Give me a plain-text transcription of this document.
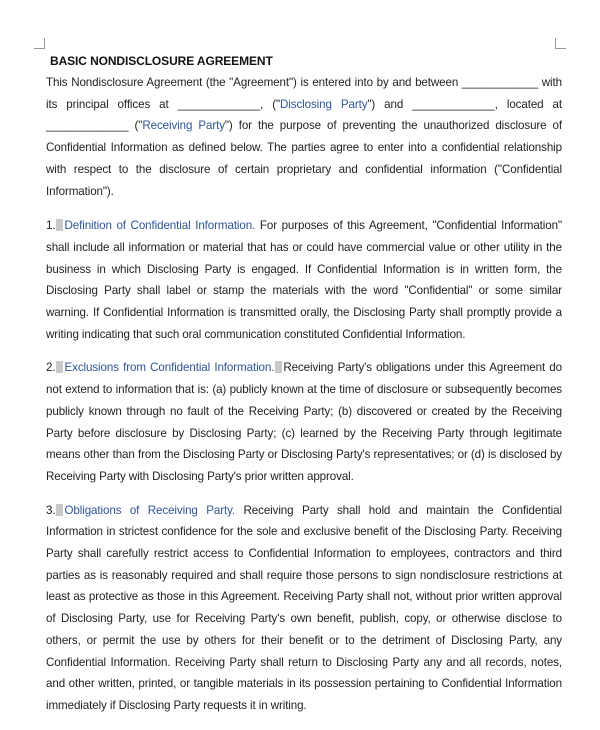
BASIC NONDISCLOSURE AGREEMENT

This Nondisclosure Agreement (the "Agreement") is entered into by and between ____________ with its principal offices at _____________, ("Disclosing Party") and _____________, located at _____________ ("Receiving Party") for the purpose of preventing the unauthorized disclosure of Confidential Information as defined below. The parties agree to enter into a confidential relationship with respect to the disclosure of certain proprietary and confidential information ("Confidential Information").

1. Definition of Confidential Information. For purposes of this Agreement, "Confidential Information" shall include all information or material that has or could have commercial value or other utility in the business in which Disclosing Party is engaged. If Confidential Information is in written form, the Disclosing Party shall label or stamp the materials with the word "Confidential" or some similar warning. If Confidential Information is transmitted orally, the Disclosing Party shall promptly provide a writing indicating that such oral communication constituted Confidential Information.

2. Exclusions from Confidential Information. Receiving Party's obligations under this Agreement do not extend to information that is: (a) publicly known at the time of disclosure or subsequently becomes publicly known through no fault of the Receiving Party; (b) discovered or created by the Receiving Party before disclosure by Disclosing Party; (c) learned by the Receiving Party through legitimate means other than from the Disclosing Party or Disclosing Party's representatives; or (d) is disclosed by Receiving Party with Disclosing Party's prior written approval.

3. Obligations of Receiving Party. Receiving Party shall hold and maintain the Confidential Information in strictest confidence for the sole and exclusive benefit of the Disclosing Party. Receiving Party shall carefully restrict access to Confidential Information to employees, contractors and third parties as is reasonably required and shall require those persons to sign nondisclosure restrictions at least as protective as those in this Agreement. Receiving Party shall not, without prior written approval of Disclosing Party, use for Receiving Party's own benefit, publish, copy, or otherwise disclose to others, or permit the use by others for their benefit or to the detriment of Disclosing Party, any Confidential Information. Receiving Party shall return to Disclosing Party any and all records, notes, and other written, printed, or tangible materials in its possession pertaining to Confidential Information immediately if Disclosing Party requests it in writing.
